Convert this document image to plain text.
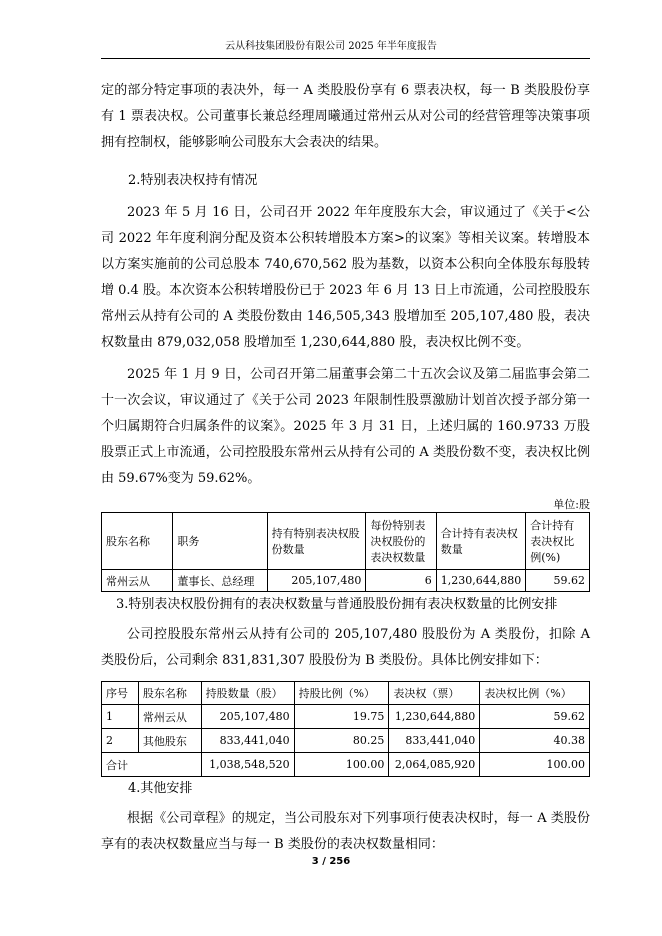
云从科技集团股份有限公司 2025 年半年度报告

定的部分特定事项的表决外，每一 A 类股股份享有 6 票表决权，每一 B 类股股份享有 1 票表决权。公司董事长兼总经理周曦通过常州云从对公司的经营管理等决策事项拥有控制权，能够影响公司股东大会表决的结果。

2.特别表决权持有情况

2023 年 5 月 16 日，公司召开 2022 年年度股东大会，审议通过了《关于<公司 2022 年年度利润分配及资本公积转增股本方案>的议案》等相关议案。转增股本以方案实施前的公司总股本 740,670,562 股为基数，以资本公积向全体股东每股转增 0.4 股。本次资本公积转增股份已于 2023 年 6 月 13 日上市流通，公司控股股东常州云从持有公司的 A 类股份数由 146,505,343 股增加至 205,107,480 股，表决权数量由 879,032,058 股增加至 1,230,644,880 股，表决权比例不变。

2025 年 1 月 9 日，公司召开第二届董事会第二十五次会议及第二届监事会第二十一次会议，审议通过了《关于公司 2023 年限制性股票激励计划首次授予部分第一个归属期符合归属条件的议案》。2025 年 3 月 31 日，上述归属的 160.9733 万股股票正式上市流通，公司控股股东常州云从持有公司的 A 类股份数不变，表决权比例由 59.67%变为 59.62%。

单位:股
股东名称	职务	持有特别表决权股份数量	每份特别表决权股份的表决权数量	合计持有表决权数量	合计持有表决权比例(%)
常州云从	董事长、总经理	205,107,480	6	1,230,644,880	59.62

3.特别表决权股份拥有的表决权数量与普通股股份拥有表决权数量的比例安排

公司控股股东常州云从持有公司的 205,107,480 股股份为 A 类股份，扣除 A 类股份后，公司剩余 831,831,307 股股份为 B 类股份。具体比例安排如下：

序号	股东名称	持股数量（股）	持股比例（%）	表决权（票）	表决权比例（%）
1	常州云从	205,107,480	19.75	1,230,644,880	59.62
2	其他股东	833,441,040	80.25	833,441,040	40.38
合计		1,038,548,520	100.00	2,064,085,920	100.00

4.其他安排

根据《公司章程》的规定，当公司股东对下列事项行使表决权时，每一 A 类股份享有的表决权数量应当与每一 B 类股份的表决权数量相同：

3 / 256
